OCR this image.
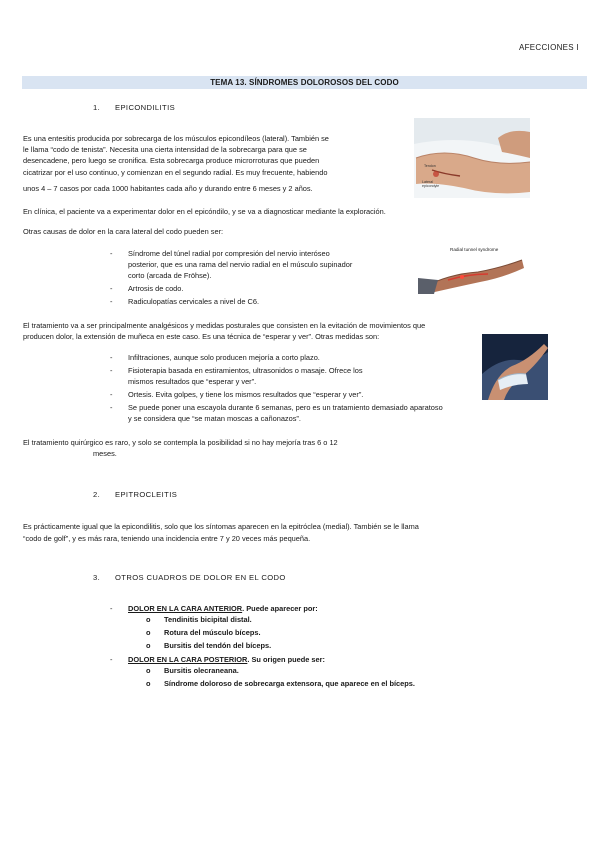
AFECCIONES I
TEMA 13. SÍNDROMES DOLOROSOS DEL CODO
1. EPICONDILITIS
Es una entesitis producida por sobrecarga de los músculos epicondíleos (lateral). También se
le llama “codo de tenista”. Necesita una cierta intensidad de la sobrecarga para que se
desencadene, pero luego se cronifica. Esta sobrecarga produce microrroturas que pueden
cicatrizar por el uso continuo, y comienzan en el segundo radial. Es muy frecuente, habiendo
unos 4 – 7 casos por cada 1000 habitantes cada año y durando entre 6 meses y 2 años.
Tendon
Lateral
epicondyle
En clínica, el paciente va a experimentar dolor en el epicóndilo, y se va a diagnosticar mediante la exploración.
Otras causas de dolor en la cara lateral del codo pueden ser:
- Síndrome del túnel radial por compresión del nervio interóseo
posterior, que es una rama del nervio radial en el músculo supinador
corto (arcada de Fröhse).
- Artrosis de codo.
- Radiculopatías cervicales a nivel de C6.
Radial tunnel syndrome
El tratamiento va a ser principalmente analgésicos y medidas posturales que consisten en la evitación de movimientos que
producen dolor, la extensión de muñeca en este caso. Es una técnica de “esperar y ver”. Otras medidas son:
- Infiltraciones, aunque solo producen mejoría a corto plazo.
- Fisioterapia basada en estiramientos, ultrasonidos o masaje. Ofrece los
mismos resultados que “esperar y ver”.
- Ortesis. Evita golpes, y tiene los mismos resultados que “esperar y ver”.
- Se puede poner una escayola durante 6 semanas, pero es un tratamiento demasiado aparatoso
y se considera que “se matan moscas a cañonazos”.
El tratamiento quirúrgico es raro, y solo se contempla la posibilidad si no hay mejoría tras 6 o 12
meses.
2. EPITROCLEITIS
Es prácticamente igual que la epicondilitis, solo que los síntomas aparecen en la epitróclea (medial). También se le llama
“codo de golf”, y es más rara, teniendo una incidencia entre 7 y 20 veces más pequeña.
3. OTROS CUADROS DE DOLOR EN EL CODO
- DOLOR EN LA CARA ANTERIOR. Puede aparecer por:
o Tendinitis bicipital distal.
o Rotura del músculo bíceps.
o Bursitis del tendón del bíceps.
- DOLOR EN LA CARA POSTERIOR. Su origen puede ser:
o Bursitis olecraneana.
o Síndrome doloroso de sobrecarga extensora, que aparece en el bíceps.
